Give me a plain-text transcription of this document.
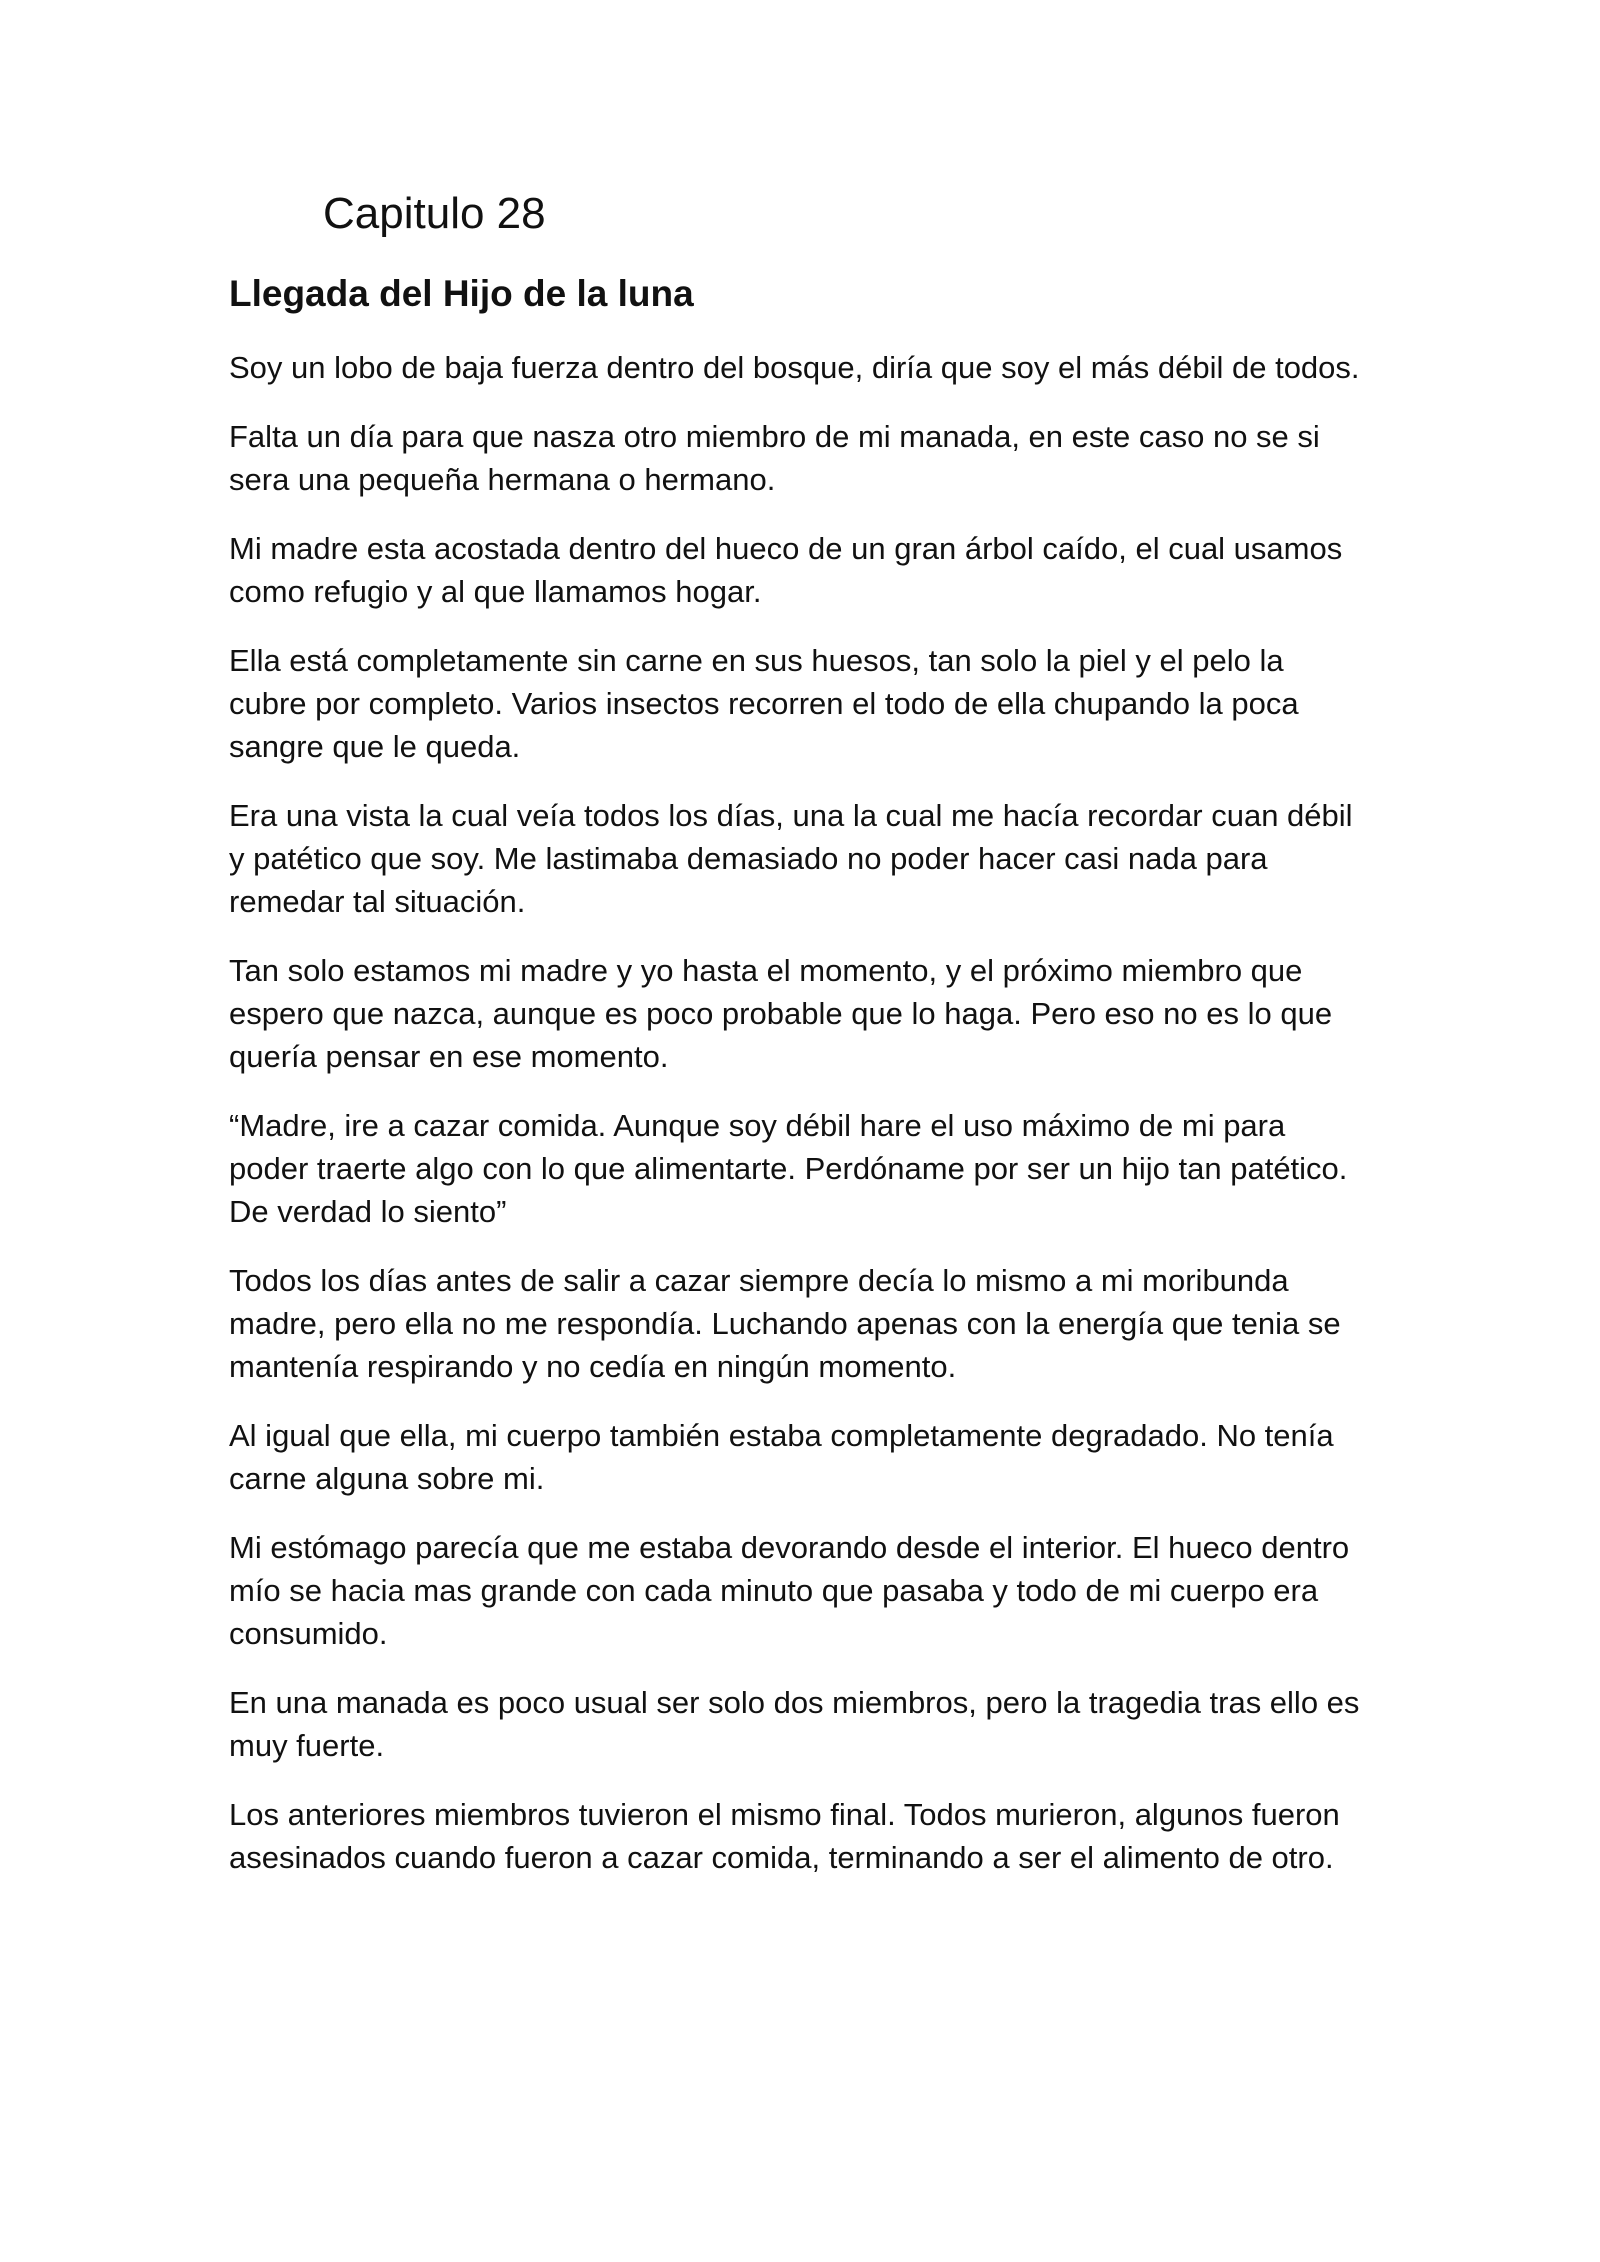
Capitulo 28
Llegada del Hijo de la luna

Soy un lobo de baja fuerza dentro del bosque, diría que soy el más débil de todos.

Falta un día para que nasza otro miembro de mi manada, en este caso no se si sera una pequeña hermana o hermano.

Mi madre esta acostada dentro del hueco de un gran árbol caído, el cual usamos como refugio y al que llamamos hogar.

Ella está completamente sin carne en sus huesos, tan solo la piel y el pelo la cubre por completo. Varios insectos recorren el todo de ella chupando la poca sangre que le queda.

Era una vista la cual veía todos los días, una la cual me hacía recordar cuan débil y patético que soy. Me lastimaba demasiado no poder hacer casi nada para remedar tal situación.

Tan solo estamos mi madre y yo hasta el momento, y el próximo miembro que espero que nazca, aunque es poco probable que lo haga. Pero eso no es lo que quería pensar en ese momento.

“Madre, ire a cazar comida. Aunque soy débil hare el uso máximo de mi para poder traerte algo con lo que alimentarte. Perdóname por ser un hijo tan patético. De verdad lo siento”

Todos los días antes de salir a cazar siempre decía lo mismo a mi moribunda madre, pero ella no me respondía. Luchando apenas con la energía que tenia se mantenía respirando y no cedía en ningún momento.

Al igual que ella, mi cuerpo también estaba completamente degradado. No tenía carne alguna sobre mi.

Mi estómago parecía que me estaba devorando desde el interior. El hueco dentro mío se hacia mas grande con cada minuto que pasaba y todo de mi cuerpo era consumido.

En una manada es poco usual ser solo dos miembros, pero la tragedia tras ello es muy fuerte.

Los anteriores miembros tuvieron el mismo final. Todos murieron, algunos fueron asesinados cuando fueron a cazar comida, terminando a ser el alimento de otro.
